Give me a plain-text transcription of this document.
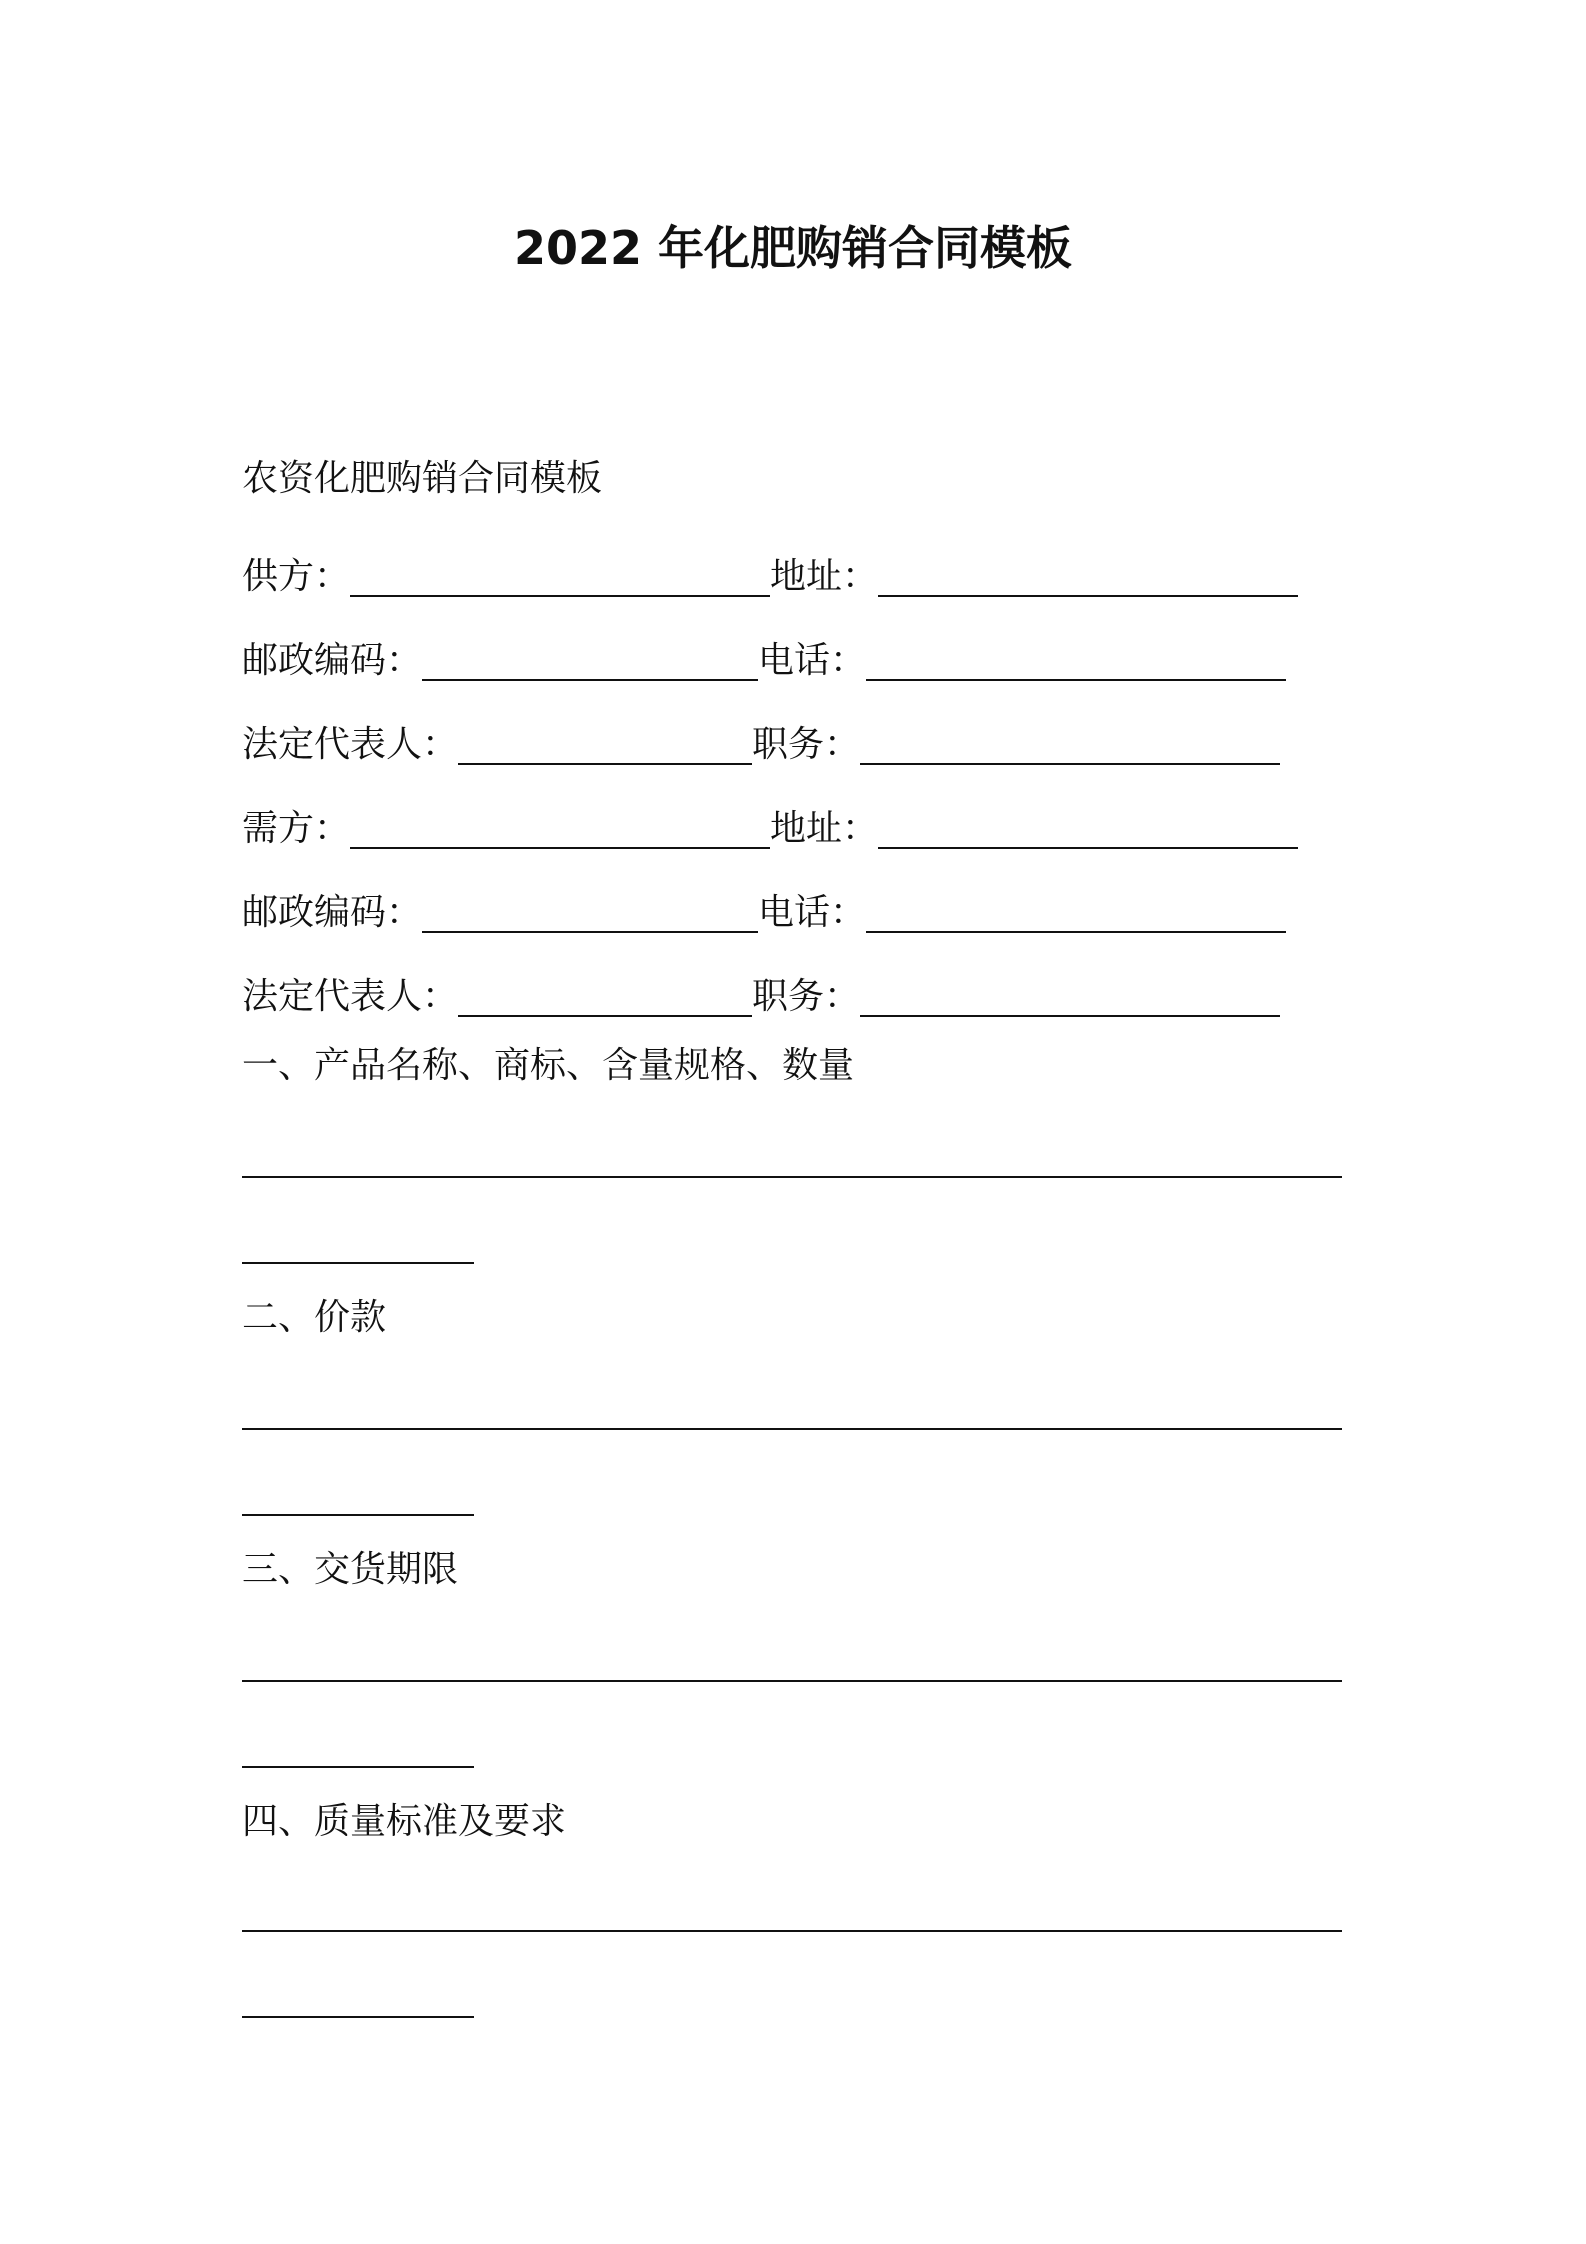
2022 年化肥购销合同模板
农资化肥购销合同模板
供方：	地址：
邮政编码：	电话：
法定代表人：	职务：
需方：	地址：
邮政编码：	电话：
法定代表人：	职务：
一、产品名称、商标、含量规格、数量
二、价款
三、交货期限
四、质量标准及要求
